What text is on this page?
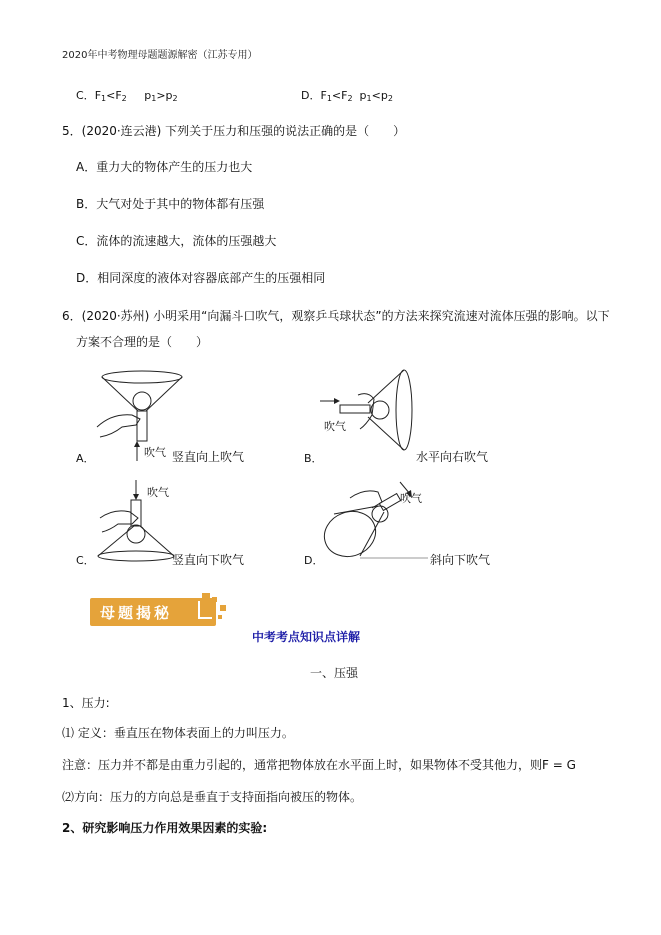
2020年中考物理母题题源解密（江苏专用）
C．$F_1<F_2$ $p_1>p_2$	D．$F_1<F_2$ $p_1<p_2$
5．(2020·连云港) 下列关于压力和压强的说法正确的是（　　）
A．重力大的物体产生的压力也大
B．大气对处于其中的物体都有压强
C．流体的流速越大，流体的压强越大
D．相同深度的液体对容器底部产生的压强相同
6．(2020·苏州) 小明采用“向漏斗口吹气，观察乒乓球状态”的方法来探究流速对流体压强的影响。以下
方案不合理的是（　　）
吹气
A．	竖直向上吹气
吹气
B．	水平向右吹气
吹气
C．	竖直向下吹气
吹气
D．	斜向下吹气
母题揭秘
中考考点知识点详解
一、压强
1、压力:
⑴ 定义：垂直压在物体表面上的力叫压力。
注意：压力并不都是由重力引起的，通常把物体放在水平面上时，如果物体不受其他力，则F = G
⑵方向：压力的方向总是垂直于支持面指向被压的物体。
2、研究影响压力作用效果因素的实验:
